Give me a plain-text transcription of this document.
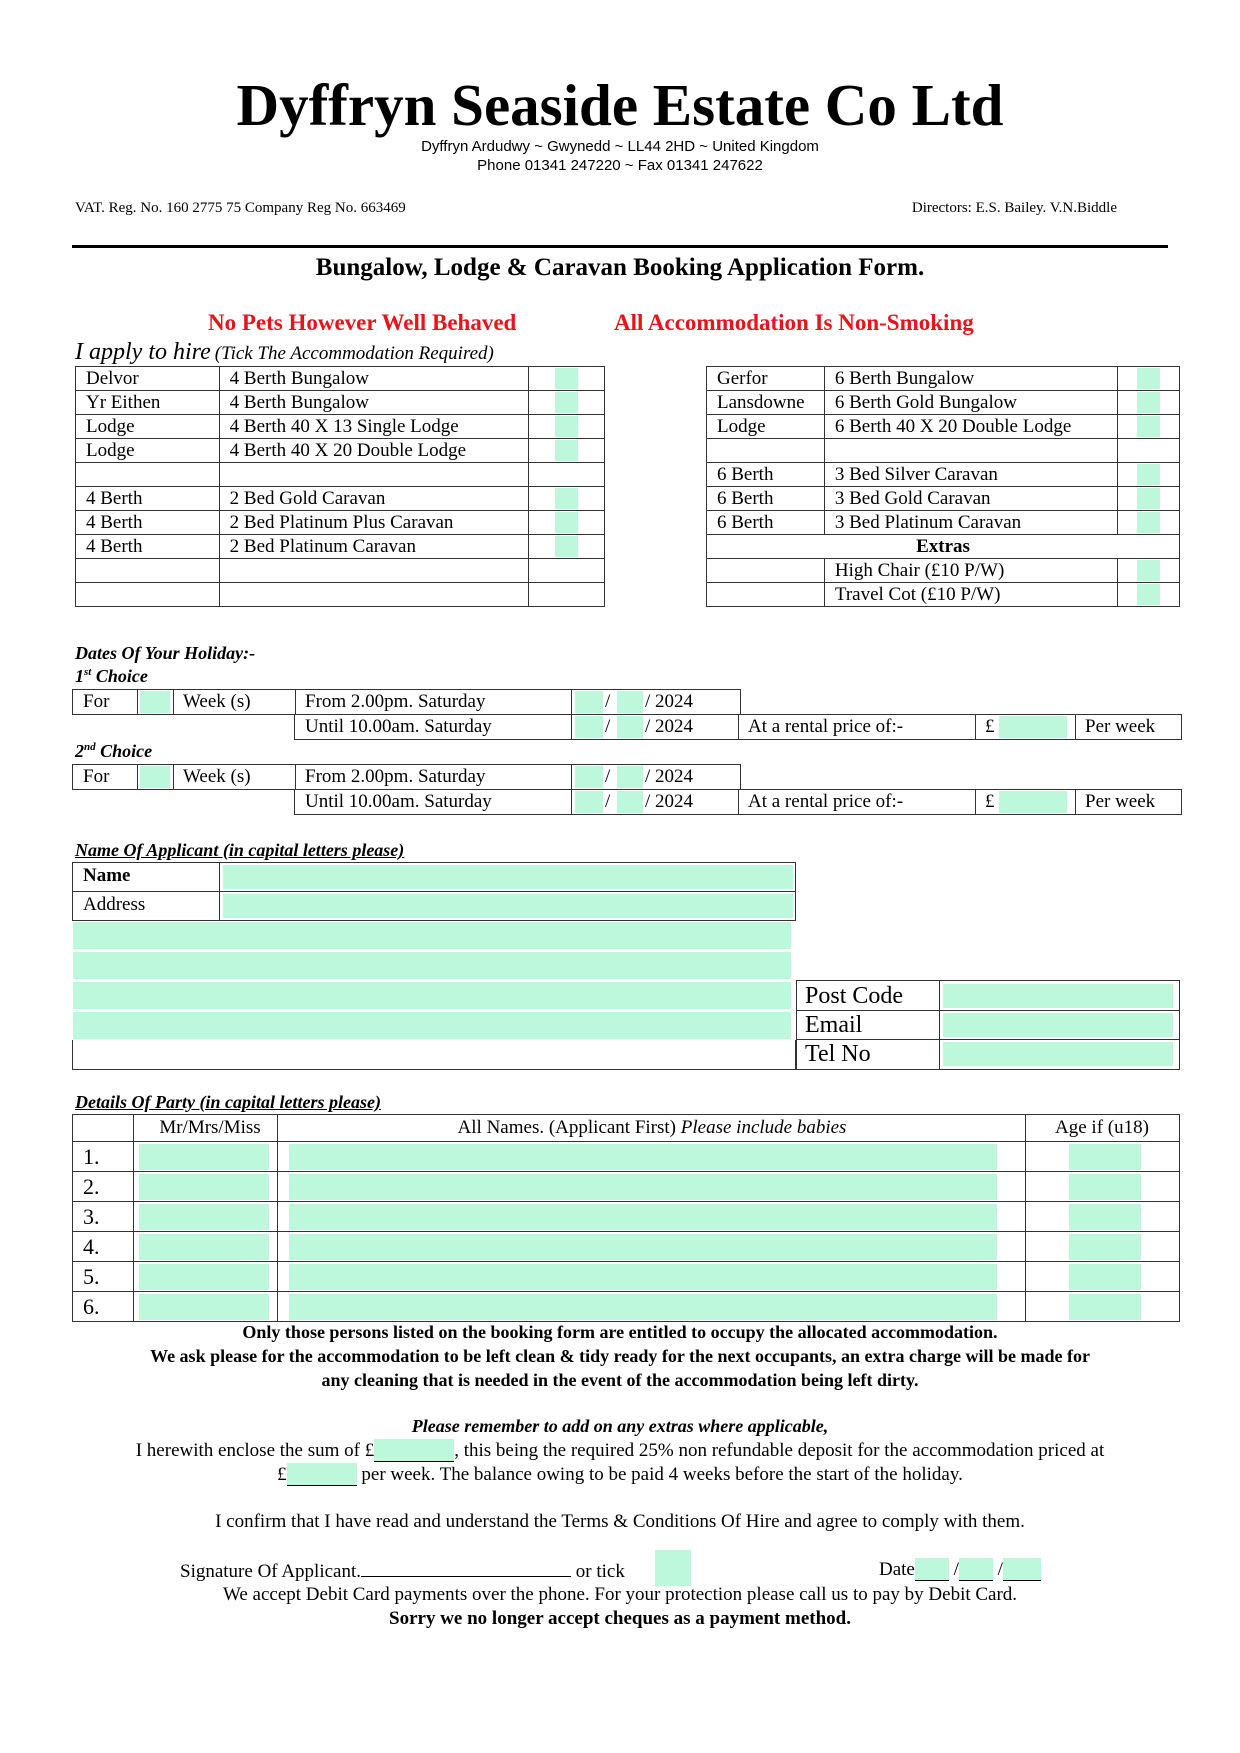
Dyffryn Seaside Estate Co Ltd
Dyffryn Ardudwy ~ Gwynedd ~ LL44 2HD ~ United Kingdom
Phone 01341 247220 ~ Fax 01341 247622
VAT. Reg. No. 160 2775 75 Company Reg No. 663469	Directors: E.S. Bailey. V.N.Biddle
Bungalow, Lodge & Caravan Booking Application Form.
No Pets However Well Behaved	All Accommodation Is Non-Smoking
I apply to hire (Tick The Accommodation Required)
Delvor	4 Berth Bungalow	

Yr Eithen	4 Berth Bungalow	

Lodge	4 Berth 40 X 13 Single Lodge	

Lodge	4 Berth 40 X 20 Double Lodge	

4 Berth	2 Bed Gold Caravan	

4 Berth	2 Bed Platinum Plus Caravan	

4 Berth	2 Bed Platinum Caravan	

Gerfor	6 Berth Bungalow	

Lansdowne	6 Berth Gold Bungalow	

Lodge	6 Berth 40 X 20 Double Lodge	

6 Berth	3 Bed Silver Caravan	

6 Berth	3 Bed Gold Caravan	

6 Berth	3 Bed Platinum Caravan	

Extras		
	High Chair (£10 P/W)	

	Travel Cot (£10 P/W)	
Dates Of Your Holiday:-
1st Choice
For	Week (s)	From 2.00pm. Saturday	/ / 2024
Until 10.00am. Saturday	/ / 2024	At a rental price of:-	£	Per week
2nd Choice
For	Week (s)	From 2.00pm. Saturday	/ / 2024
Until 10.00am. Saturday	/ / 2024	At a rental price of:-	£	Per week
Name Of Applicant (in capital letters please)
Name
Address
Post Code
Email
Tel No
Details Of Party (in capital letters please)
Mr/Mrs/Miss	All Names. (Applicant First) Please include babies	Age if (u18)
1.
2.
3.
4.
5.
6.
Only those persons listed on the booking form are entitled to occupy the allocated accommodation.
We ask please for the accommodation to be left clean & tidy ready for the next occupants, an extra charge will be made for
any cleaning that is needed in the event of the accommodation being left dirty.
Please remember to add on any extras where applicable,
I herewith enclose the sum of £	, this being the required 25% non refundable deposit for the accommodation priced at
£	per week. The balance owing to be paid 4 weeks before the start of the holiday.
I confirm that I have read and understand the Terms & Conditions Of Hire and agree to comply with them.
Signature Of Applicant.	or tick	Date / /
We accept Debit Card payments over the phone. For your protection please call us to pay by Debit Card.
Sorry we no longer accept cheques as a payment method.
